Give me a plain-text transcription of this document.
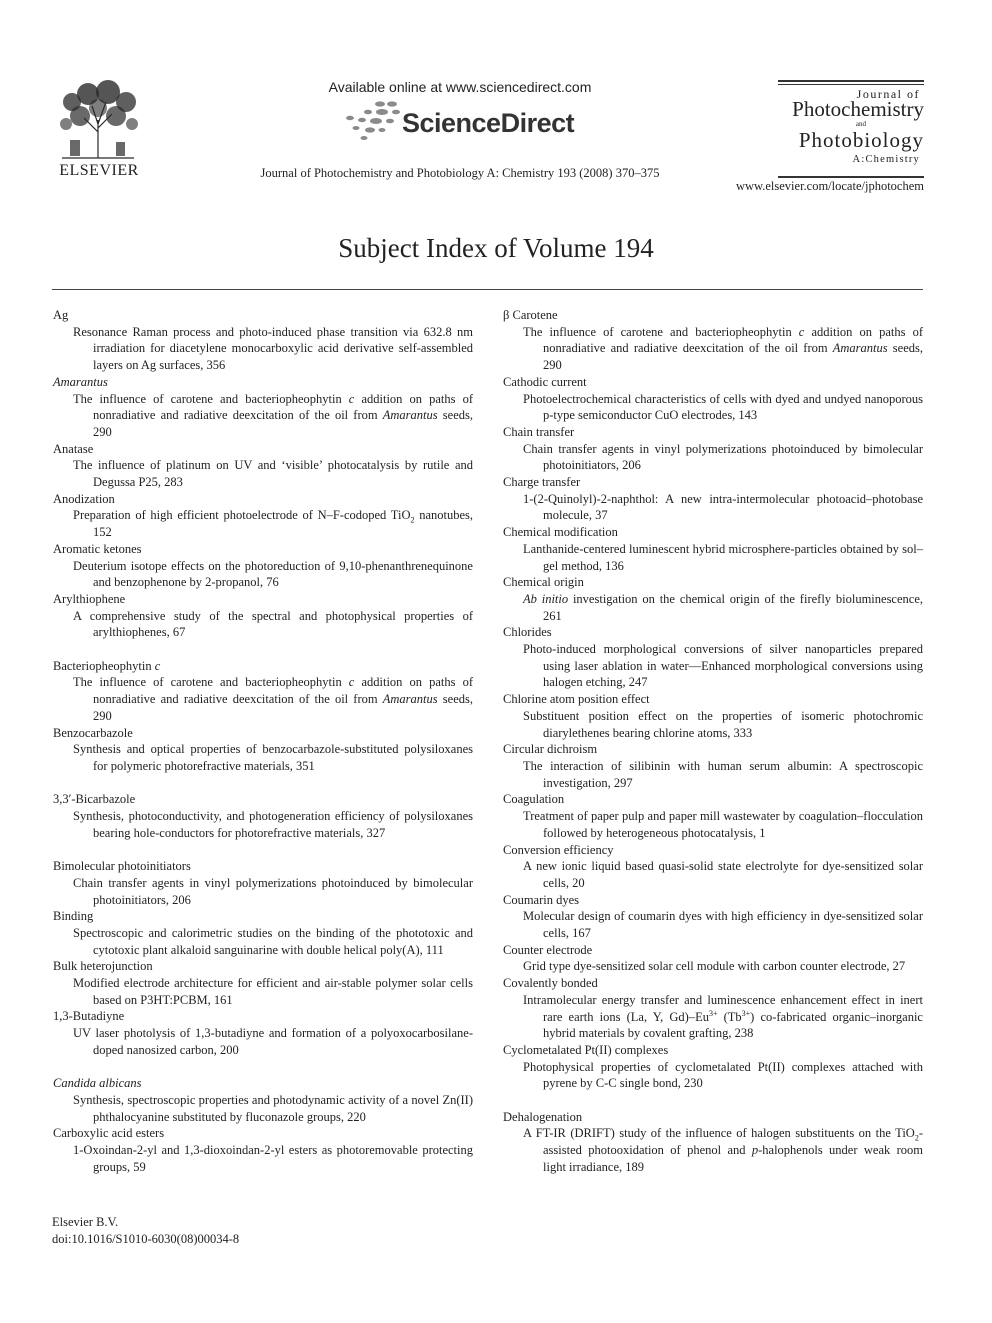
ELSEVIER
Available online at www.sciencedirect.com
ScienceDirect
Journal of Photochemistry and Photobiology A: Chemistry 193 (2008) 370–375
Journal of
Photochemistry
and
Photobiology
A:Chemistry
www.elsevier.com/locate/jphotochem
Subject Index of Volume 194

Ag

Resonance Raman process and photo-induced phase transition via 632.8 nm irradiation for diacetylene monocarboxylic acid derivative self-assembled layers on Ag surfaces, 356

Amarantus

The influence of carotene and bacteriopheophytin c addition on paths of nonradiative and radiative deexcitation of the oil from Amarantus seeds, 290

Anatase

The influence of platinum on UV and ‘visible’ photocatalysis by rutile and Degussa P25, 283

Anodization

Preparation of high efficient photoelectrode of N–F-codoped TiO$_2$ nanotubes, 152

Aromatic ketones

Deuterium isotope effects on the photoreduction of 9,10-phenanthrenequinone and benzophenone by 2-propanol, 76

Arylthiophene

A comprehensive study of the spectral and photophysical properties of arylthiophenes, 67

Bacteriopheophytin c

The influence of carotene and bacteriopheophytin c addition on paths of nonradiative and radiative deexcitation of the oil from Amarantus seeds, 290

Benzocarbazole

Synthesis and optical properties of benzocarbazole-substituted polysiloxanes for polymeric photorefractive materials, 351

3,3′-Bicarbazole

Synthesis, photoconductivity, and photogeneration efficiency of polysiloxanes bearing hole-conductors for photorefractive materials, 327

Bimolecular photoinitiators

Chain transfer agents in vinyl polymerizations photoinduced by bimolecular photoinitiators, 206

Binding

Spectroscopic and calorimetric studies on the binding of the phototoxic and cytotoxic plant alkaloid sanguinarine with double helical poly(A), 111

Bulk heterojunction

Modified electrode architecture for efficient and air-stable polymer solar cells based on P3HT:PCBM, 161

1,3-Butadiyne

UV laser photolysis of 1,3-butadiyne and formation of a polyoxocarbosilane-doped nanosized carbon, 200

Candida albicans

Synthesis, spectroscopic properties and photodynamic activity of a novel Zn(II) phthalocyanine substituted by fluconazole groups, 220

Carboxylic acid esters

1-Oxoindan-2-yl and 1,3-dioxoindan-2-yl esters as photoremovable protecting groups, 59

β Carotene

The influence of carotene and bacteriopheophytin c addition on paths of nonradiative and radiative deexcitation of the oil from Amarantus seeds, 290

Cathodic current

Photoelectrochemical characteristics of cells with dyed and undyed nanoporous p-type semiconductor CuO electrodes, 143

Chain transfer

Chain transfer agents in vinyl polymerizations photoinduced by bimolecular photoinitiators, 206

Charge transfer

1-(2-Quinolyl)-2-naphthol: A new intra-intermolecular photoacid–photobase molecule, 37

Chemical modification

Lanthanide-centered luminescent hybrid microsphere-particles obtained by sol–gel method, 136

Chemical origin

Ab initio investigation on the chemical origin of the firefly bioluminescence, 261

Chlorides

Photo-induced morphological conversions of silver nanoparticles prepared using laser ablation in water—Enhanced morphological conversions using halogen etching, 247

Chlorine atom position effect

Substituent position effect on the properties of isomeric photochromic diarylethenes bearing chlorine atoms, 333

Circular dichroism

The interaction of silibinin with human serum albumin: A spectroscopic investigation, 297

Coagulation

Treatment of paper pulp and paper mill wastewater by coagulation–flocculation followed by heterogeneous photocatalysis, 1

Conversion efficiency

A new ionic liquid based quasi-solid state electrolyte for dye-sensitized solar cells, 20

Coumarin dyes

Molecular design of coumarin dyes with high efficiency in dye-sensitized solar cells, 167

Counter electrode

Grid type dye-sensitized solar cell module with carbon counter electrode, 27

Covalently bonded

Intramolecular energy transfer and luminescence enhancement effect in inert rare earth ions (La, Y, $Gd)-Eu^{3+}$ $(Tb^{3+})$ co-fabricated organic–inorganic hybrid materials by covalent grafting, 238

Cyclometalated Pt(II) complexes

Photophysical properties of cyclometalated Pt(II) complexes attached with pyrene by C-C single bond, 230

Dehalogenation

A FT-IR (DRIFT) study of the influence of halogen substituents on the TiO$_2$-assisted photooxidation of phenol and p-halophenols under weak room light irradiance, 189

Elsevier B.V.
doi:10.1016/S1010-6030(08)00034-8
